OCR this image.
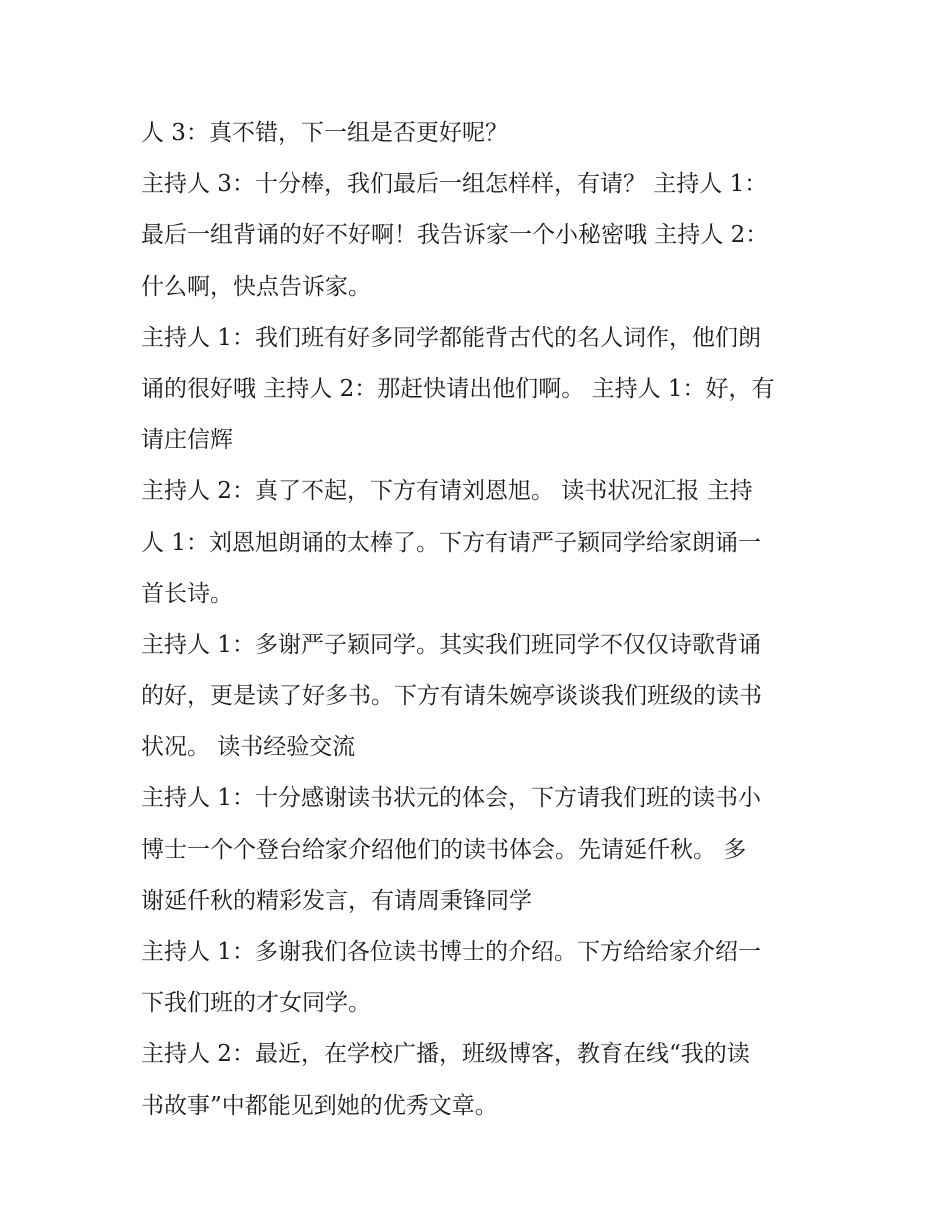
人 3：真不错，下一组是否更好呢？
主持人 3：十分棒，我们最后一组怎样样，有请？ 主持人 1：
最后一组背诵的好不好啊！我告诉家一个小秘密哦 主持人 2：
什么啊，快点告诉家。
主持人 1：我们班有好多同学都能背古代的名人词作，他们朗
诵的很好哦 主持人 2：那赶快请出他们啊。 主持人 1：好，有
请庄信辉
主持人 2：真了不起，下方有请刘恩旭。 读书状况汇报 主持
人 1：刘恩旭朗诵的太棒了。下方有请严子颖同学给家朗诵一
首长诗。
主持人 1：多谢严子颖同学。其实我们班同学不仅仅诗歌背诵
的好，更是读了好多书。下方有请朱婉亭谈谈我们班级的读书
状况。 读书经验交流
主持人 1：十分感谢读书状元的体会，下方请我们班的读书小
博士一个个登台给家介绍他们的读书体会。先请延仟秋。 多
谢延仟秋的精彩发言，有请周秉锋同学
主持人 1：多谢我们各位读书博士的介绍。下方给给家介绍一
下我们班的才女同学。
主持人 2：最近，在学校广播，班级博客，教育在线“我的读
书故事”中都能见到她的优秀文章。
